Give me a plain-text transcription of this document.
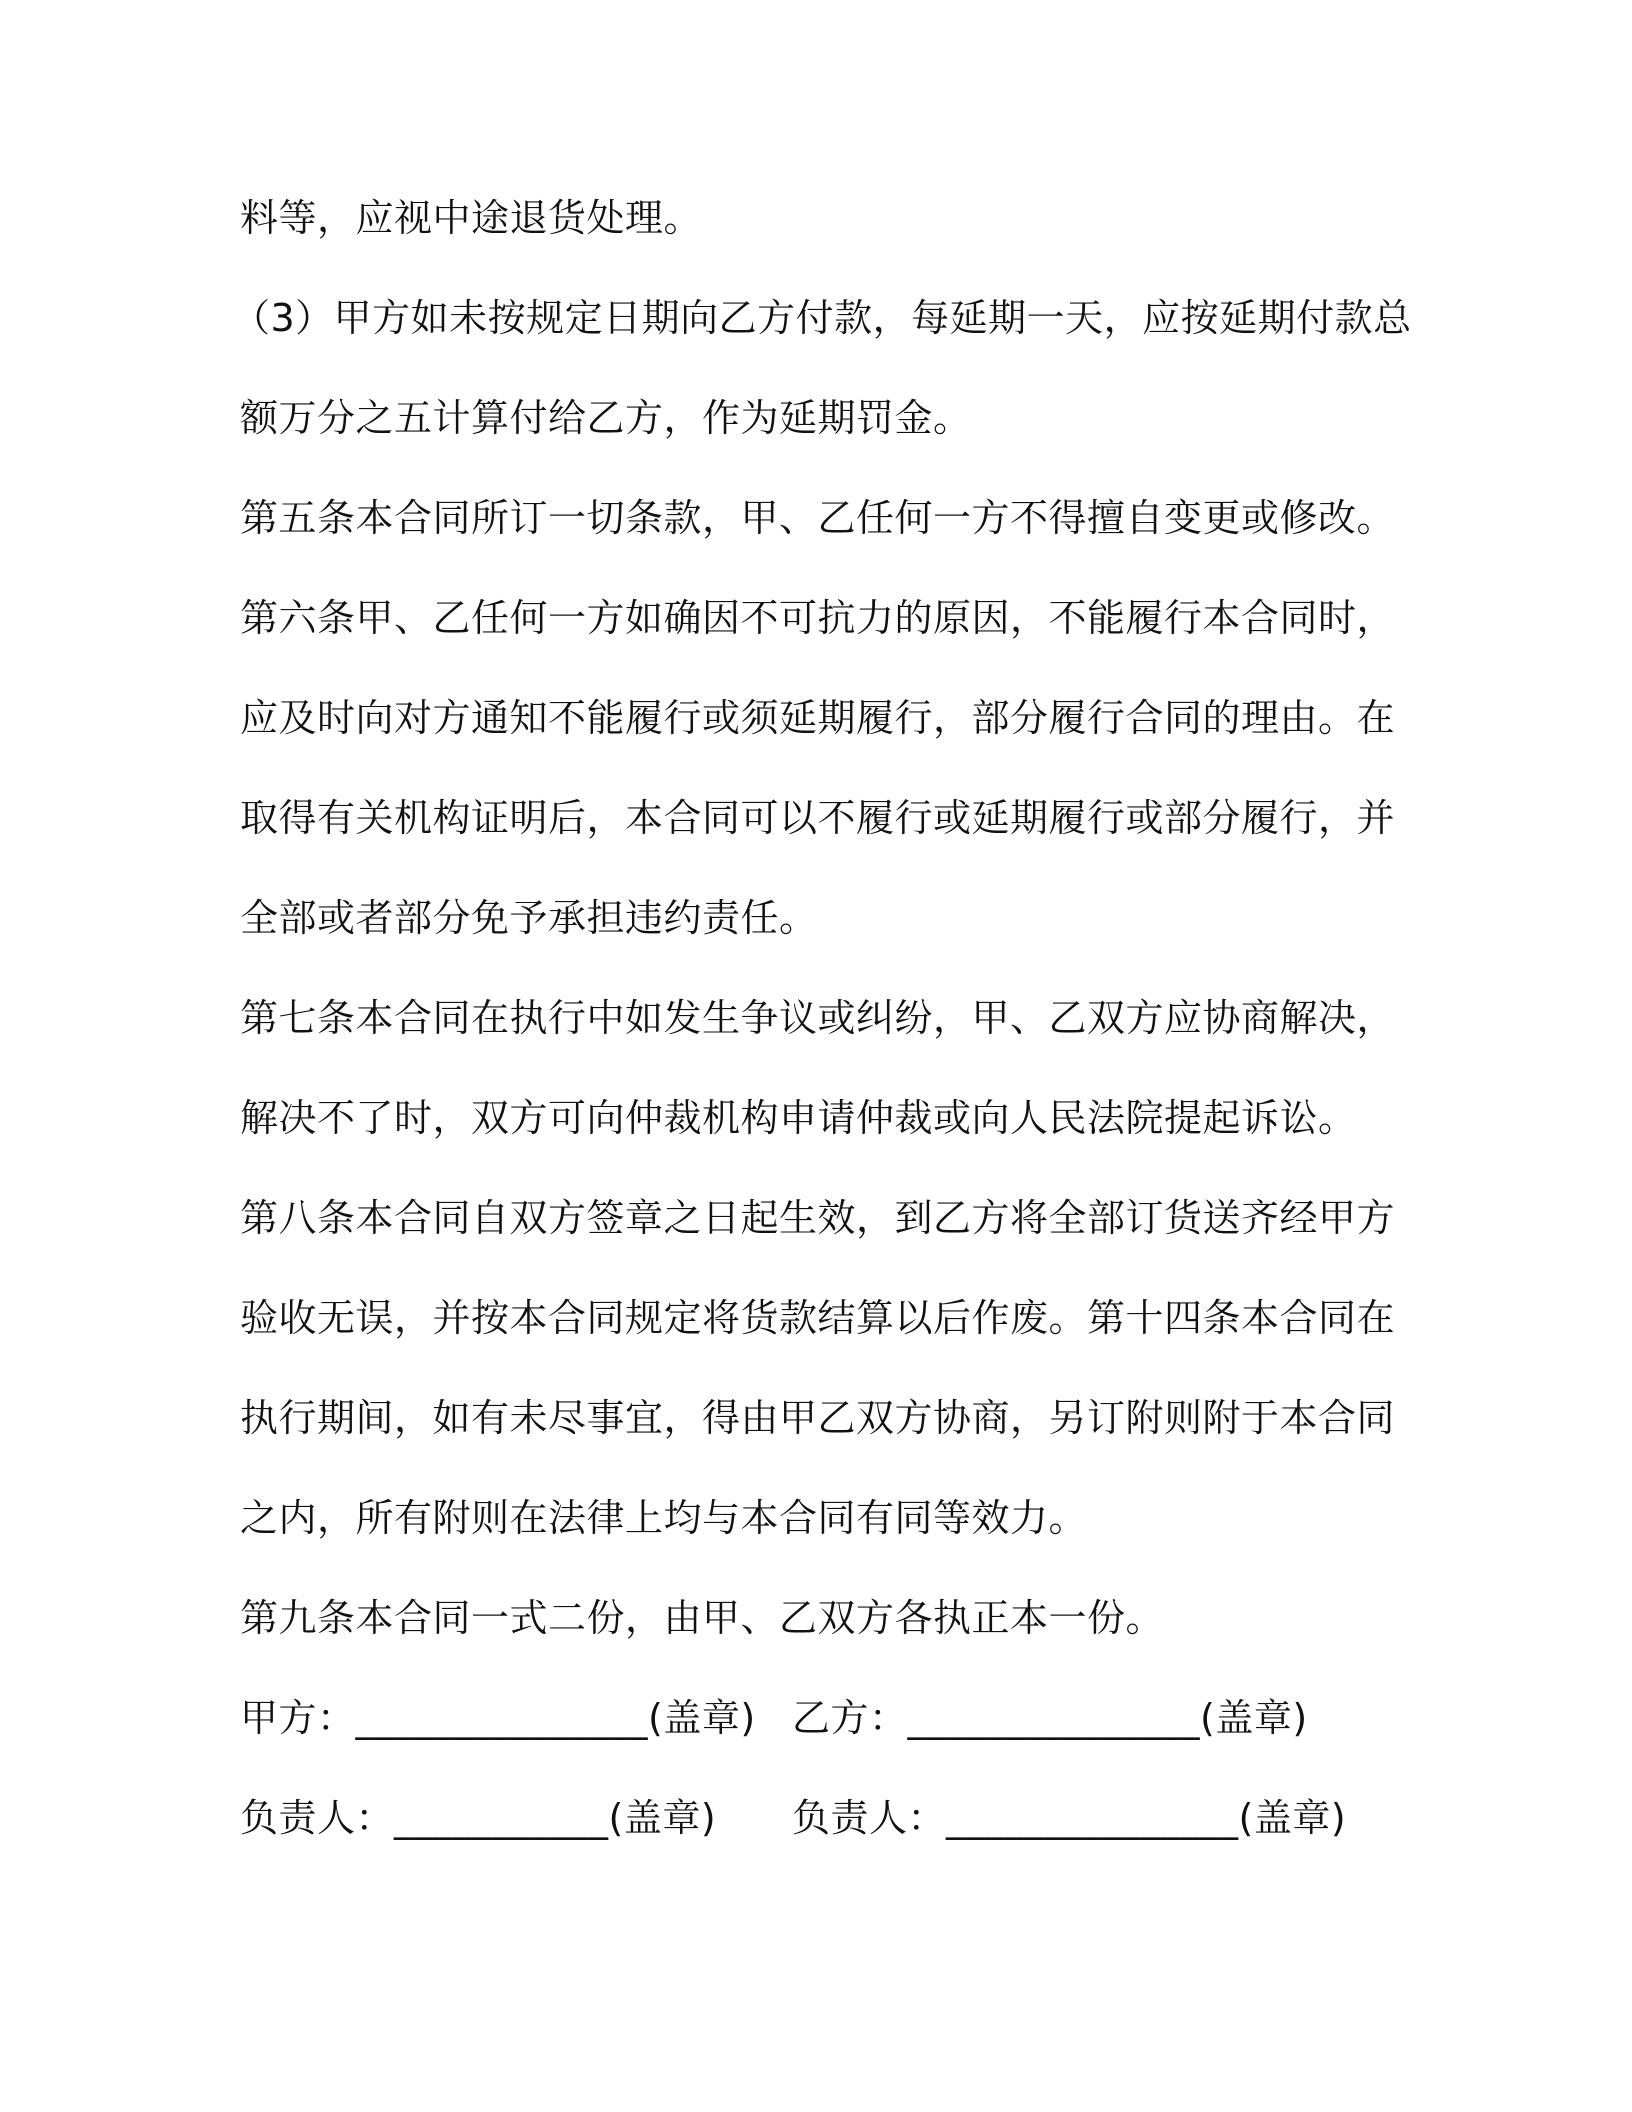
料等，应视中途退货处理。
（3）甲方如未按规定日期向乙方付款，每延期一天，应按延期付款总
额万分之五计算付给乙方，作为延期罚金。
第五条本合同所订一切条款，甲、乙任何一方不得擅自变更或修改。
第六条甲、乙任何一方如确因不可抗力的原因，不能履行本合同时，
应及时向对方通知不能履行或须延期履行，部分履行合同的理由。在
取得有关机构证明后，本合同可以不履行或延期履行或部分履行，并
全部或者部分免予承担违约责任。
第七条本合同在执行中如发生争议或纠纷，甲、乙双方应协商解决，
解决不了时，双方可向仲裁机构申请仲裁或向人民法院提起诉讼。
第八条本合同自双方签章之日起生效，到乙方将全部订货送齐经甲方
验收无误，并按本合同规定将货款结算以后作废。第十四条本合同在
执行期间，如有未尽事宜，得由甲乙双方协商，另订附则附于本合同
之内，所有附则在法律上均与本合同有同等效力。
第九条本合同一式二份，由甲、乙双方各执正本一份。
甲方：_______________(盖章) 乙方：_______________(盖章)
负责人：___________(盖章) 负责人：_______________(盖章)
